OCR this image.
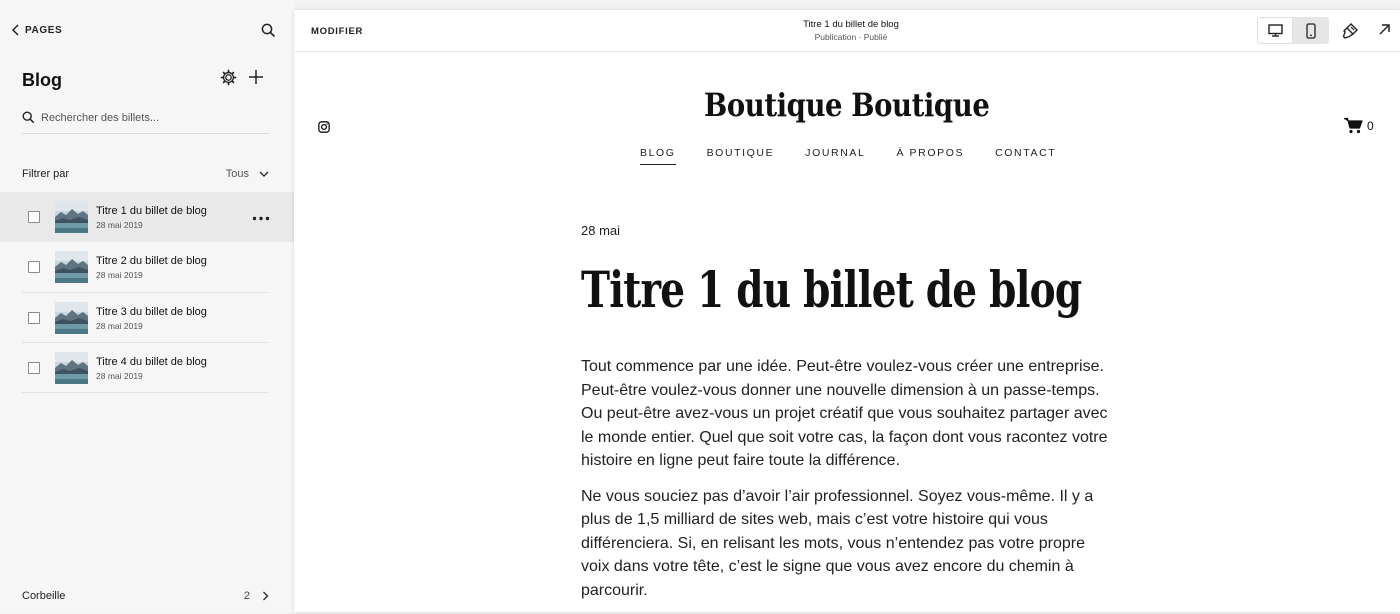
PAGES
Blog
Rechercher des billets...
Filtrer par	Tous
Titre 1 du billet de blog
28 mai 2019
Titre 2 du billet de blog
28 mai 2019
Titre 3 du billet de blog
28 mai 2019
Titre 4 du billet de blog
28 mai 2019
Corbeille	2
MODIFIER
Titre 1 du billet de blog
Publication · Publié
Boutique Boutique
0
BLOG	BOUTIQUE	JOURNAL	À PROPOS	CONTACT
28 mai
Titre 1 du billet de blog

Tout commence par une idée. Peut-être voulez-vous créer une entreprise. Peut-être voulez-vous donner une nouvelle dimension à un passe-temps. Ou peut-être avez-vous un projet créatif que vous souhaitez partager avec le monde entier. Quel que soit votre cas, la façon dont vous racontez votre histoire en ligne peut faire toute la différence.

Ne vous souciez pas d’avoir l’air professionnel. Soyez vous-même. Il y a plus de 1,5 milliard de sites web, mais c’est votre histoire qui vous différenciera. Si, en relisant les mots, vous n’entendez pas votre propre voix dans votre tête, c’est le signe que vous avez encore du chemin à parcourir.
